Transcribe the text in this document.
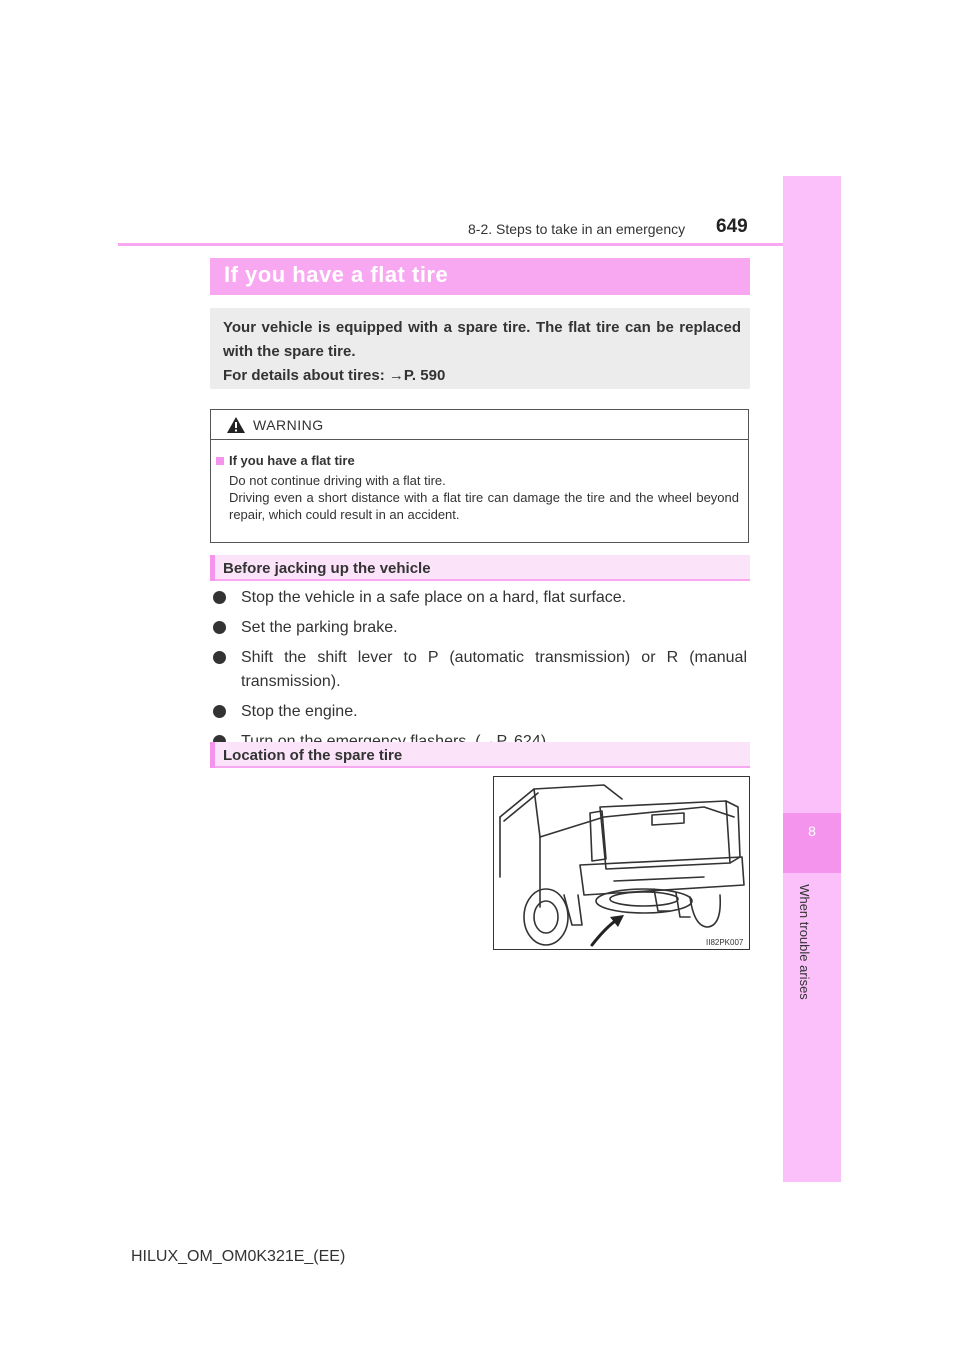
8
When trouble arises
8-2. Steps to take in an emergency 649
If you have a flat tire

Your vehicle is equipped with a spare tire. The flat tire can be replaced with the spare tire.

For details about tires: →P. 590

WARNING
If you have a flat tire

Do not continue driving with a flat tire.

Driving even a short distance with a flat tire can damage the tire and the wheel beyond repair, which could result in an accident.

Before jacking up the vehicle
Stop the vehicle in a safe place on a hard, flat surface.
Set the parking brake.
Shift the shift lever to P (automatic transmission) or R (manual transmission).
Stop the engine.
Location of the spare tire
II82PK007
HILUX_OM_OM0K321E_(EE)
